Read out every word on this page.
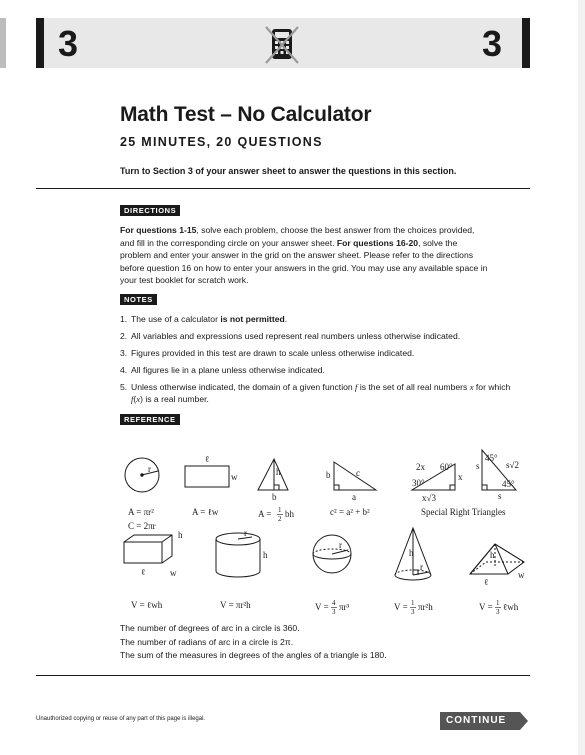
3	3
Math Test – No Calculator
25 MINUTES, 20 QUESTIONS
Turn to Section 3 of your answer sheet to answer the questions in this section.
DIRECTIONS
For questions 1-15, solve each problem, choose the best answer from the choices provided, and fill in the corresponding circle on your answer sheet. For questions 16-20, solve the problem and enter your answer in the grid on the answer sheet. Please refer to the directions before question 16 on how to enter your answers in the grid. You may use any available space in your test booklet for scratch work.
NOTES
1. The use of a calculator is not permitted.
2. All variables and expressions used represent real numbers unless otherwise indicated.
3. Figures provided in this test are drawn to scale unless otherwise indicated.
4. All figures lie in a plane unless otherwise indicated.
5. Unless otherwise indicated, the domain of a given function f is the set of all real numbers x for which f(x) is a real number.
REFERENCE
r
ℓ
w	h
b
b	c
a
2x 60°
30°
x
x√3
45°
s	s√2
45°
s
h
w
ℓ
r
h
r
h
r
h
w
ℓ
A = πr²
C = 2πr
A = ℓw	A = 1
2 bh	c² = a² + b²	Special Right Triangles
V = ℓwh	V = πr²h	V = 4
3 πr³	V = 1
3 πr²h	V = 1
3 ℓwh
The number of degrees of arc in a circle is 360.
The number of radians of arc in a circle is 2π.
The sum of the measures in degrees of the angles of a triangle is 180.
Unauthorized copying or reuse of any part of this page is illegal.	CONTINUE
